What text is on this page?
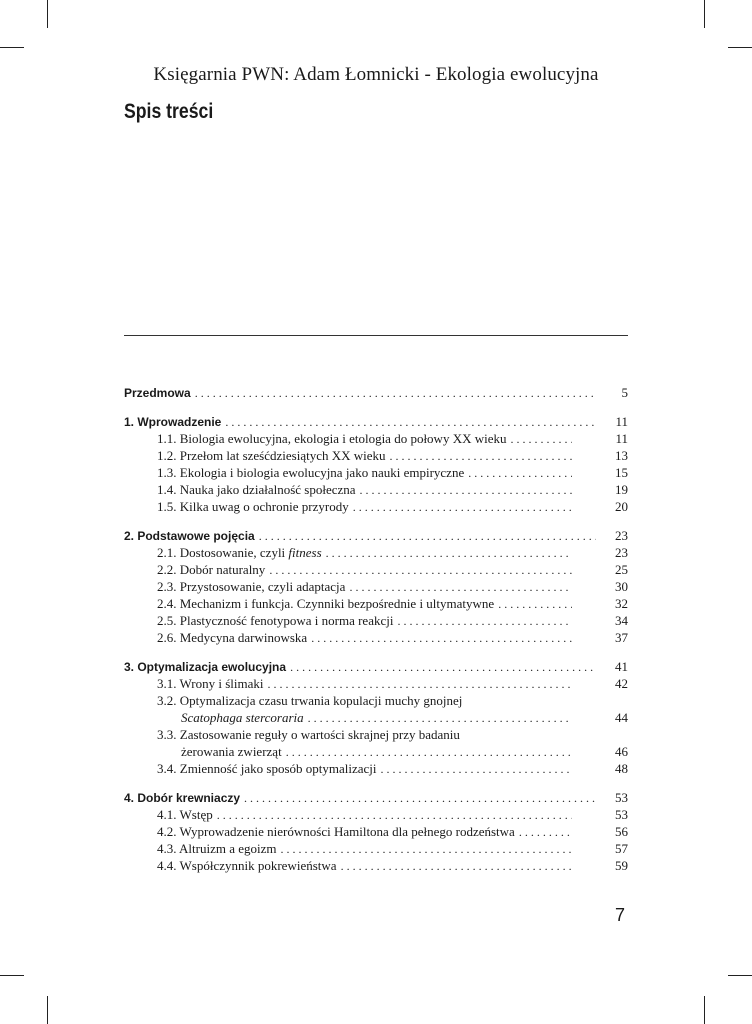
Księgarnia PWN: Adam Łomnicki - Ekologia ewolucyjna
Spis treści
Przedmowa . . .	5
1. Wprowadzenie . . .	11
1.1. Biologia ewolucyjna, ekologia i etologia do połowy XX wieku . . .	11
1.2. Przełom lat sześćdziesiątych XX wieku . . .	13
1.3. Ekologia i biologia ewolucyjna jako nauki empiryczne . . .	15
1.4. Nauka jako działalność społeczna . . .	19
1.5. Kilka uwag o ochronie przyrody . . .	20
2. Podstawowe pojęcia . . .	23
2.1. Dostosowanie, czyli fitness . . .	23
2.2. Dobór naturalny . . .	25
2.3. Przystosowanie, czyli adaptacja . . .	30
2.4. Mechanizm i funkcja. Czynniki bezpośrednie i ultymatywne . . .	32
2.5. Plastyczność fenotypowa i norma reakcji . . .	34
2.6. Medycyna darwinowska . . .	37
3. Optymalizacja ewolucyjna . . .	41
3.1. Wrony i ślimaki . . .	42
3.2. Optymalizacja czasu trwania kopulacji muchy gnojnej
Scatophaga stercoraria . . .	44
3.3. Zastosowanie reguły o wartości skrajnej przy badaniu
żerowania zwierząt . . .	46
3.4. Zmienność jako sposób optymalizacji . . .	48
4. Dobór krewniaczy . . .	53
4.1. Wstęp . . .	53
4.2. Wyprowadzenie nierówności Hamiltona dla pełnego rodzeństwa . . .	56
4.3. Altruizm a egoizm . . .	57
4.4. Współczynnik pokrewieństwa . . .	59
7
